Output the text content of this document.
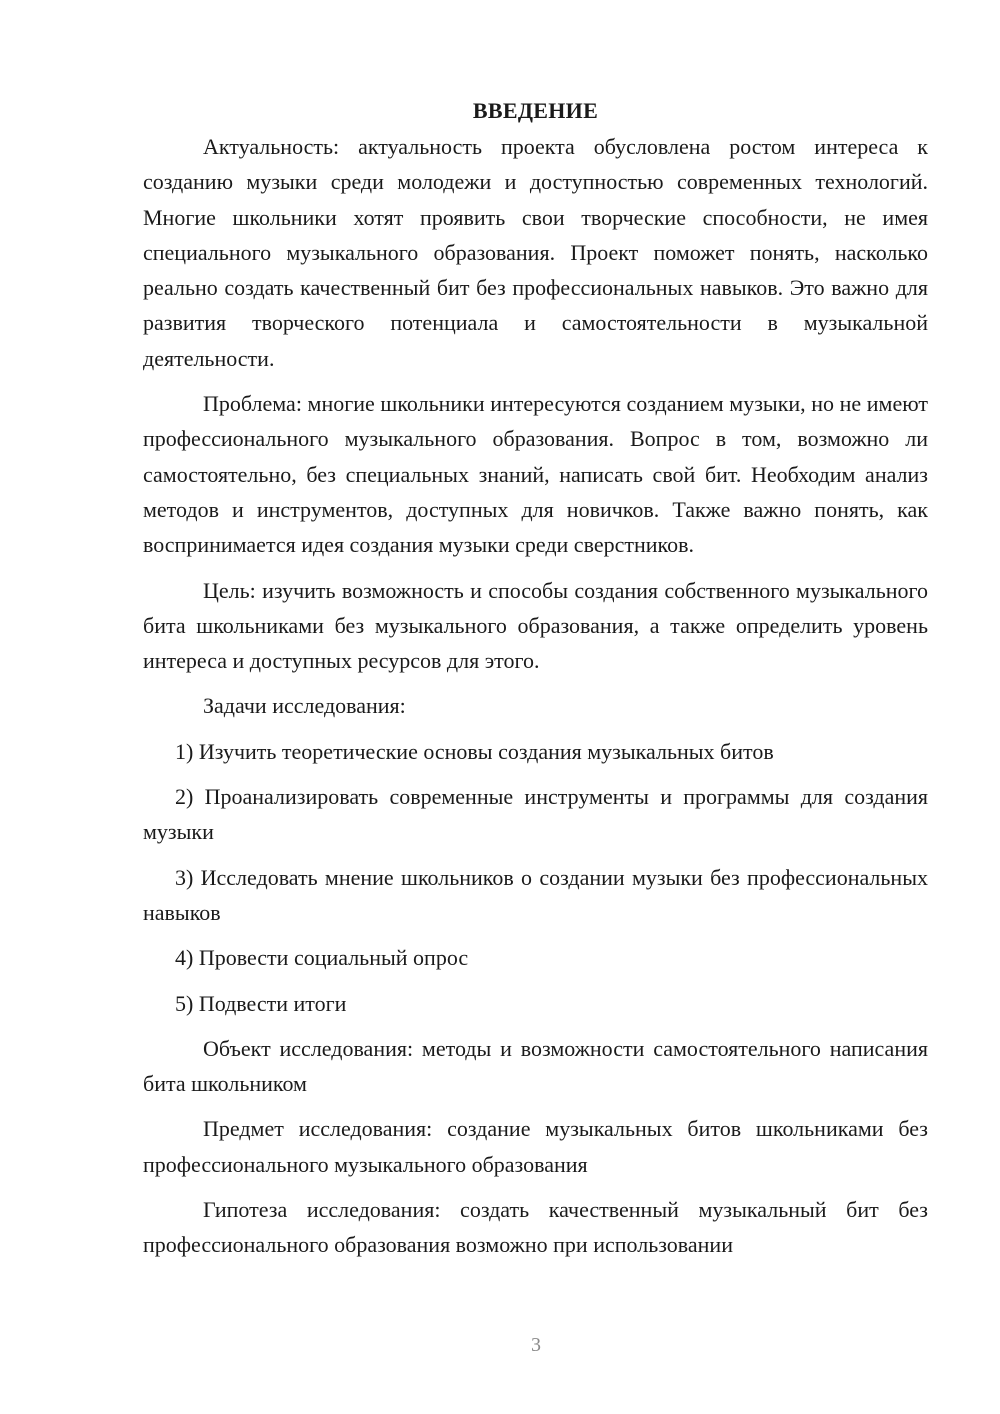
ВВЕДЕНИЕ

Актуальность: актуальность проекта обусловлена ростом интереса к созданию музыки среди молодежи и доступностью современных технологий. Многие школьники хотят проявить свои творческие способности, не имея специального музыкального образования. Проект поможет понять, насколько реально создать качественный бит без профессиональных навыков. Это важно для развития творческого потенциала и самостоятельности в музыкальной деятельности.

Проблема: многие школьники интересуются созданием музыки, но не имеют профессионального музыкального образования. Вопрос в том, возможно ли самостоятельно, без специальных знаний, написать свой бит. Необходим анализ методов и инструментов, доступных для новичков. Также важно понять, как воспринимается идея создания музыки среди сверстников.

Цель: изучить возможность и способы создания собственного музыкального бита школьниками без музыкального образования, а также определить уровень интереса и доступных ресурсов для этого.

Задачи исследования:

1) Изучить теоретические основы создания музыкальных битов

2) Проанализировать современные инструменты и программы для создания музыки

3) Исследовать мнение школьников о создании музыки без профессиональных навыков

4) Провести социальный опрос

5) Подвести итоги

Объект исследования: методы и возможности самостоятельного написания бита школьником

Предмет исследования: создание музыкальных битов школьниками без профессионального музыкального образования

Гипотеза исследования: создать качественный музыкальный бит без профессионального образования возможно при использовании

3
